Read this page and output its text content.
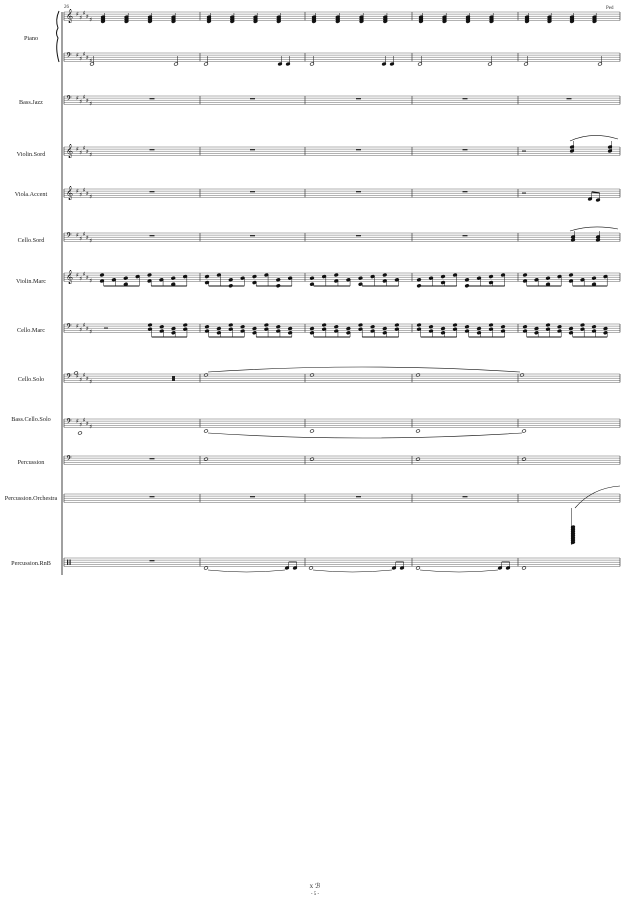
26	Ped
Piano
Bass.Jazz
Violin.Sord
Viola.Accent
Cello.Sord
Violin.Marc
Cello.Marc
Cello.Solo
Bass.Cello.Solo
Percussion
Percussion.Orchestra
Percussion.RnB
𝄞 ♯ ♯
♯ ♯ ♯
𝄢 ♯ ♯
♯ ♯ ♯
𝄢 ♯ ♯
♯ ♯ ♯
𝄞 ♯ ♯
♯ ♯ ♯
𝄞 ♯ ♯
♯ ♯ ♯
𝄢 ♯ ♯
♯ ♯ ♯
𝄞 ♯ ♯
♯ ♯ ♯
𝄢 ♯ ♯
♯ ♯ ♯
𝄢 ♯ ♯
♯ ♯ ♯
𝄢 ♯ ♯
♯ ♯ ♯
𝄢
x ℬ
- 5 -
